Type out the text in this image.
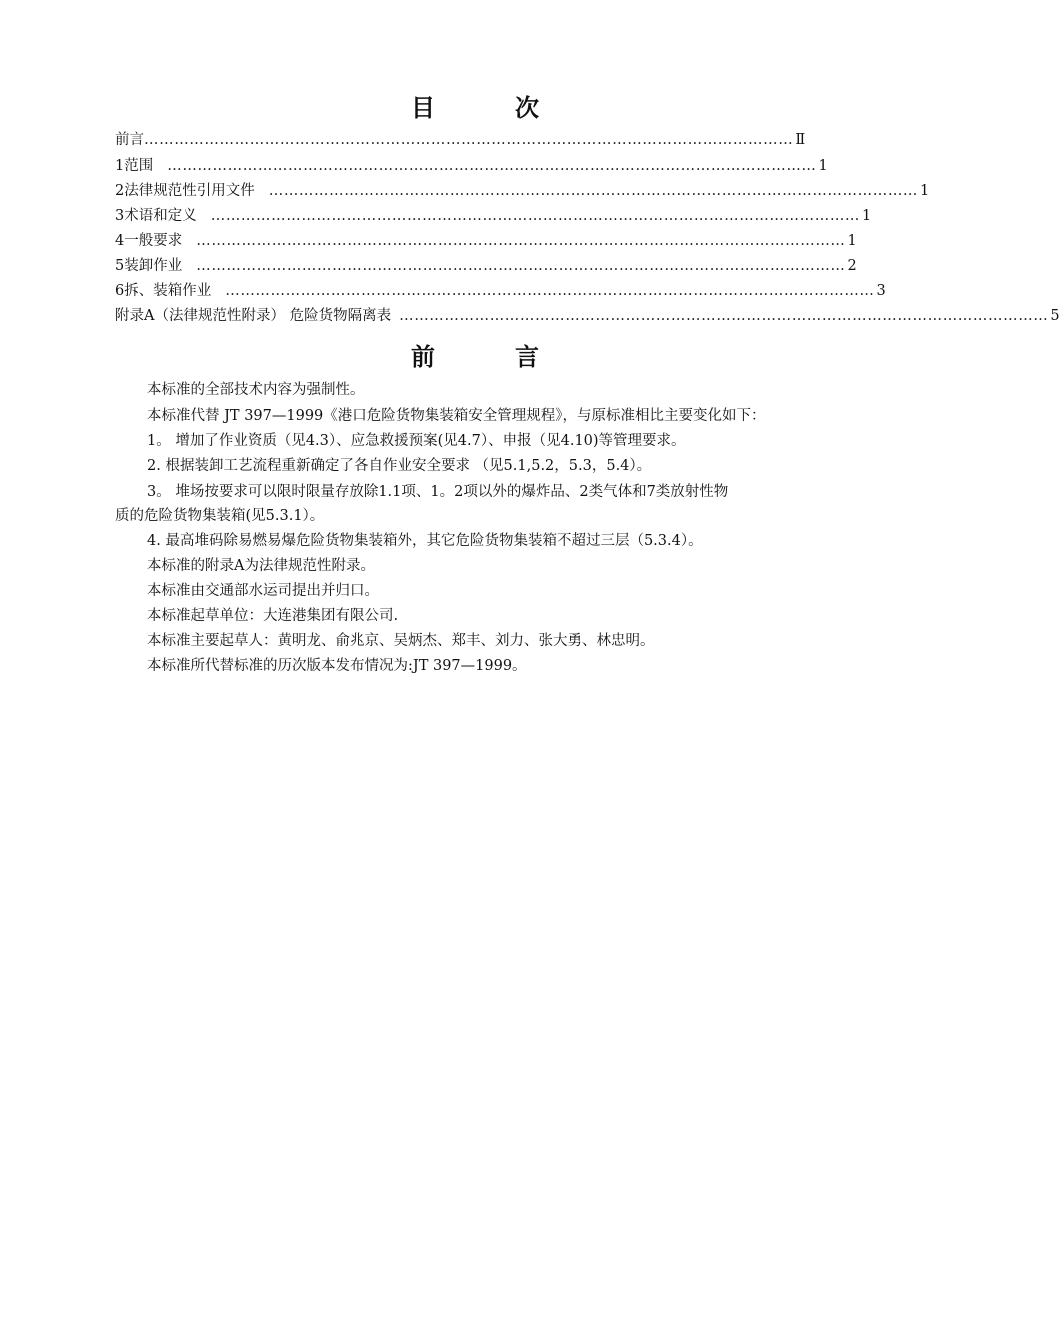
目　次
前言 ………………………………………………………………………………………………………………… Ⅱ
1 范围 ………………………………………………………………………………………………………………… 1
2 法律规范性引用文件 ………………………………………………………………………………………………………………… 1
3 术语和定义 ………………………………………………………………………………………………………………… 1
4 一般要求 ………………………………………………………………………………………………………………… 1
5 装卸作业 ………………………………………………………………………………………………………………… 2
6 拆、装箱作业 ………………………………………………………………………………………………………………… 3
附录A（法律规范性附录） 危险货物隔离表 ………………………………………………………………………………………………………………… 5
前　言
本标准的全部技术内容为强制性。
本标准代替 JT 397—1999《港口危险货物集装箱安全管理规程》，与原标准相比主要变化如下：
1。 增加了作业资质（见4.3）、应急救援预案(见4.7）、申报（见4.10)等管理要求。
2. 根据装卸工艺流程重新确定了各自作业安全要求 （见5.1,5.2，5.3，5.4）。
3。 堆场按要求可以限时限量存放除1.1项、1。2项以外的爆炸品、2类气体和7类放射性物
质的危险货物集装箱(见5.3.1）。
4. 最高堆码除易燃易爆危险货物集装箱外，其它危险货物集装箱不超过三层（5.3.4）。
本标准的附录A为法律规范性附录。
本标准由交通部水运司提出并归口。
本标准起草单位：大连港集团有限公司.
本标准主要起草人：黄明龙、俞兆京、吴炳杰、郑丰、刘力、张大勇、林忠明。
本标准所代替标准的历次版本发布情况为:JT 397—1999。
